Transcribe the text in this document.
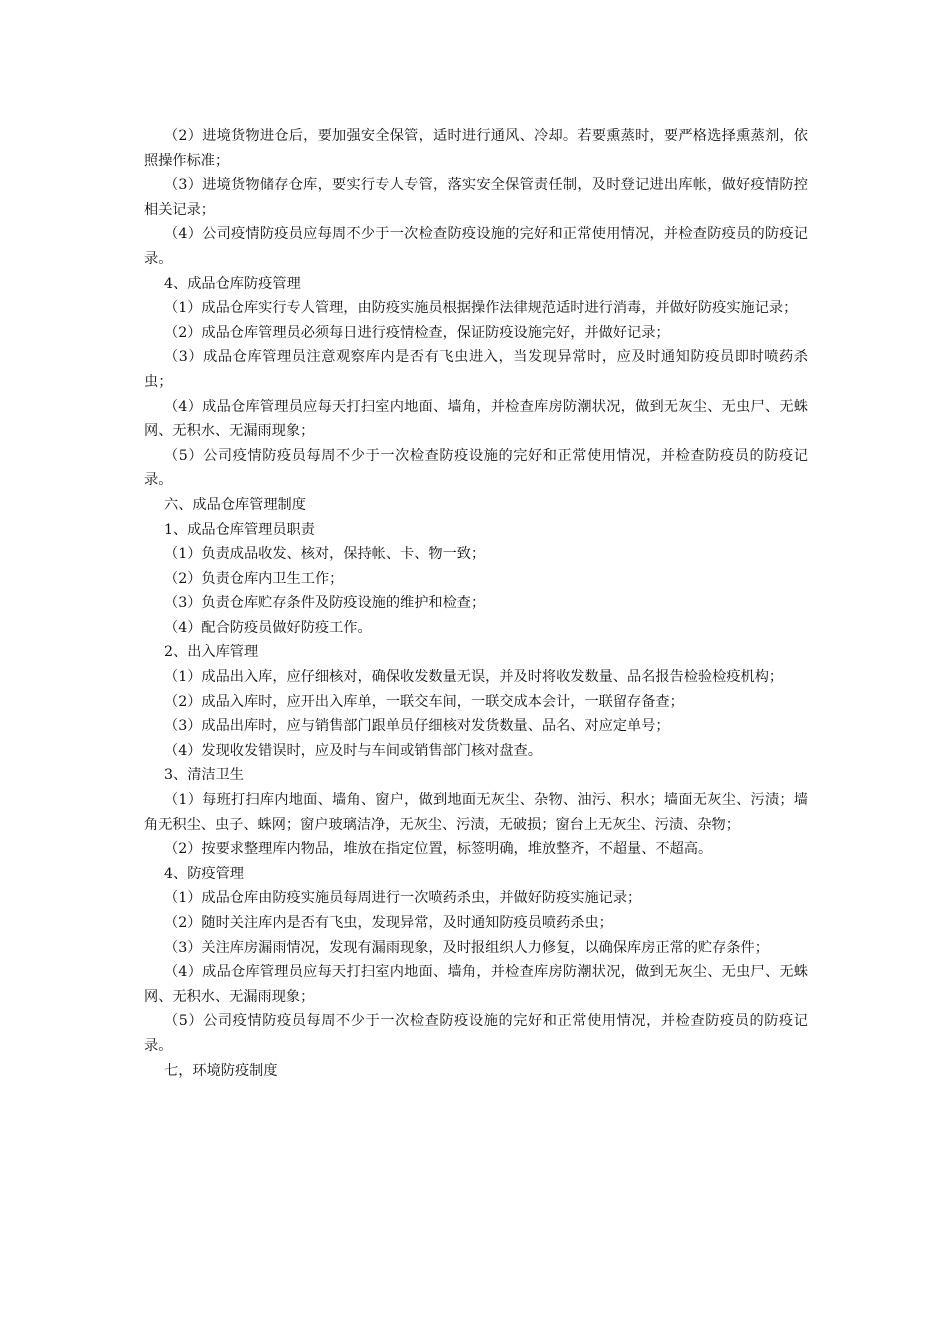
（2）进境货物进仓后，要加强安全保管，适时进行通风、冷却。若要熏蒸时，要严格选择熏蒸剂，依照操作标准；

（3）进境货物储存仓库，要实行专人专管，落实安全保管责任制，及时登记进出库帐，做好疫情防控相关记录；

（4）公司疫情防疫员应每周不少于一次检查防疫设施的完好和正常使用情况，并检查防疫员的防疫记录。

4、成品仓库防疫管理

（1）成品仓库实行专人管理，由防疫实施员根据操作法律规范适时进行消毒，并做好防疫实施记录；

（2）成品仓库管理员必须每日进行疫情检查，保证防疫设施完好，并做好记录；

（3）成品仓库管理员注意观察库内是否有飞虫进入，当发现异常时，应及时通知防疫员即时喷药杀虫；

（4）成品仓库管理员应每天打扫室内地面、墙角，并检查库房防潮状况，做到无灰尘、无虫尸、无蛛网、无积水、无漏雨现象；

（5）公司疫情防疫员每周不少于一次检查防疫设施的完好和正常使用情况，并检查防疫员的防疫记录。

六、成品仓库管理制度

1、成品仓库管理员职责

（1）负责成品收发、核对，保持帐、卡、物一致；

（2）负责仓库内卫生工作；

（3）负责仓库贮存条件及防疫设施的维护和检查；

（4）配合防疫员做好防疫工作。

2、出入库管理

（1）成品出入库，应仔细核对，确保收发数量无误，并及时将收发数量、品名报告检验检疫机构；

（2）成品入库时，应开出入库单，一联交车间，一联交成本会计，一联留存备查；

（3）成品出库时，应与销售部门跟单员仔细核对发货数量、品名、对应定单号；

（4）发现收发错误时，应及时与车间或销售部门核对盘查。

3、清洁卫生

（1）每班打扫库内地面、墙角、窗户，做到地面无灰尘、杂物、油污、积水；墙面无灰尘、污渍；墙角无积尘、虫子、蛛网；窗户玻璃洁净，无灰尘、污渍，无破损；窗台上无灰尘、污渍、杂物；

（2）按要求整理库内物品，堆放在指定位置，标签明确，堆放整齐，不超量、不超高。

4、防疫管理

（1）成品仓库由防疫实施员每周进行一次喷药杀虫，并做好防疫实施记录；

（2）随时关注库内是否有飞虫，发现异常，及时通知防疫员喷药杀虫；

（3）关注库房漏雨情况，发现有漏雨现象，及时报组织人力修复，以确保库房正常的贮存条件；

（4）成品仓库管理员应每天打扫室内地面、墙角，并检查库房防潮状况，做到无灰尘、无虫尸、无蛛网、无积水、无漏雨现象；

（5）公司疫情防疫员每周不少于一次检查防疫设施的完好和正常使用情况，并检查防疫员的防疫记录。

七，环境防疫制度
